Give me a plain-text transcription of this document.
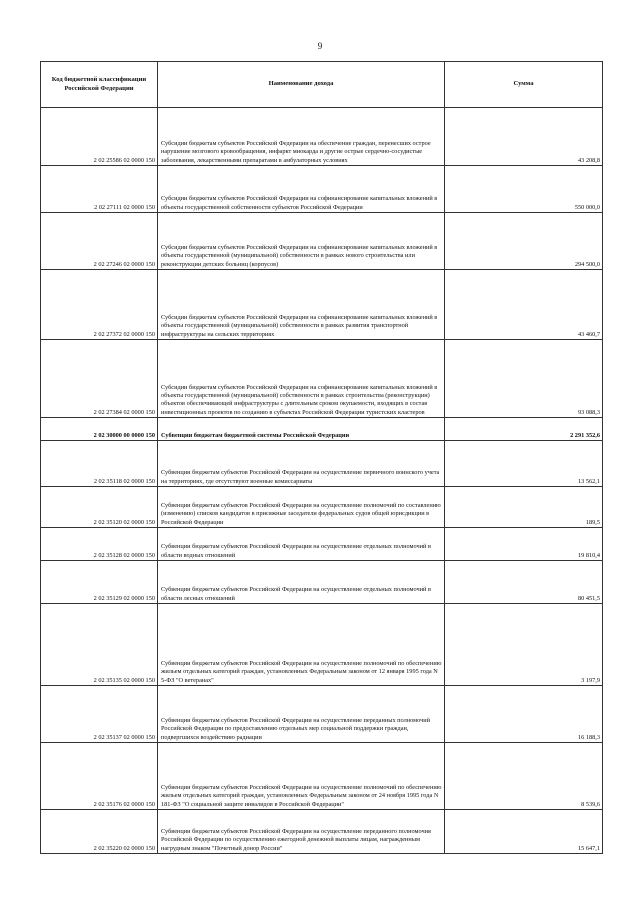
9
Код бюджетной классификации Российской Федерации	Наименование дохода	Сумма
2 02 25586 02 0000 150	Субсидии бюджетам субъектов Российской Федерации на обеспечение граждан, перенесших острое нарушение мозгового кровообращения, инфаркт миокарда и другие острые сердечно-сосудистые заболевания, лекарственными препаратами в амбулаторных условиях	43 208,8
2 02 27111 02 0000 150	Субсидии бюджетам субъектов Российской Федерации на софинансирование капитальных вложений в объекты государственной собственности субъектов Российской Федерации	550 000,0
2 02 27246 02 0000 150	Субсидии бюджетам субъектов Российской Федерации на софинансирование капитальных вложений в объекты государственной (муниципальной) собственности в рамках нового строительства или реконструкции детских больниц (корпусов)	294 500,0
2 02 27372 02 0000 150	Субсидии бюджетам субъектов Российской Федерации на софинансирование капитальных вложений в объекты государственной (муниципальной) собственности в рамках развития транспортной инфраструктуры на сельских территориях	43 460,7
2 02 27384 02 0000 150	Субсидии бюджетам субъектов Российской Федерации на софинансирование капитальных вложений в объекты государственной (муниципальной) собственности в рамках строительства (реконструкции) объектов обеспечивающей инфраструктуры с длительным сроком окупаемости, входящих в состав инвестиционных проектов по созданию в субъектах Российской Федерации туристских кластеров	93 088,3
2 02 30000 00 0000 150	Субвенции бюджетам бюджетной системы Российской Федерации	2 291 352,6
2 02 35118 02 0000 150	Субвенции бюджетам субъектов Российской Федерации на осуществление первичного воинского учета на территориях, где отсутствуют военные комиссариаты	13 562,1
2 02 35120 02 0000 150	Субвенции бюджетам субъектов Российской Федерации на осуществление полномочий по составлению (изменению) списков кандидатов в присяжные заседатели федеральных судов общей юрисдикции в Российской Федерации	189,5
2 02 35128 02 0000 150	Субвенции бюджетам субъектов Российской Федерации на осуществление отдельных полномочий в области водных отношений	19 810,4
2 02 35129 02 0000 150	Субвенции бюджетам субъектов Российской Федерации на осуществление отдельных полномочий в области лесных отношений	80 451,5
2 02 35135 02 0000 150	Субвенции бюджетам субъектов Российской Федерации на осуществление полномочий по обеспечению жильем отдельных категорий граждан, установленных Федеральным законом от 12 января 1995 года N 5-ФЗ "О ветеранах"	3 197,9
2 02 35137 02 0000 150	Субвенции бюджетам субъектов Российской Федерации на осуществление переданных полномочий Российской Федерации по предоставлению отдельных мер социальной поддержки граждан, подвергшихся воздействию радиации	16 188,3
2 02 35176 02 0000 150	Субвенции бюджетам субъектов Российской Федерации на осуществление полномочий по обеспечению жильем отдельных категорий граждан, установленных Федеральным законом от 24 ноября 1995 года N 181-ФЗ "О социальной защите инвалидов в Российской Федерации"	8 539,6
2 02 35220 02 0000 150	Субвенции бюджетам субъектов Российской Федерации на осуществление переданного полномочия Российской Федерации по осуществлению ежегодной денежной выплаты лицам, награжденным нагрудным знаком "Почетный донор России"	15 647,1
